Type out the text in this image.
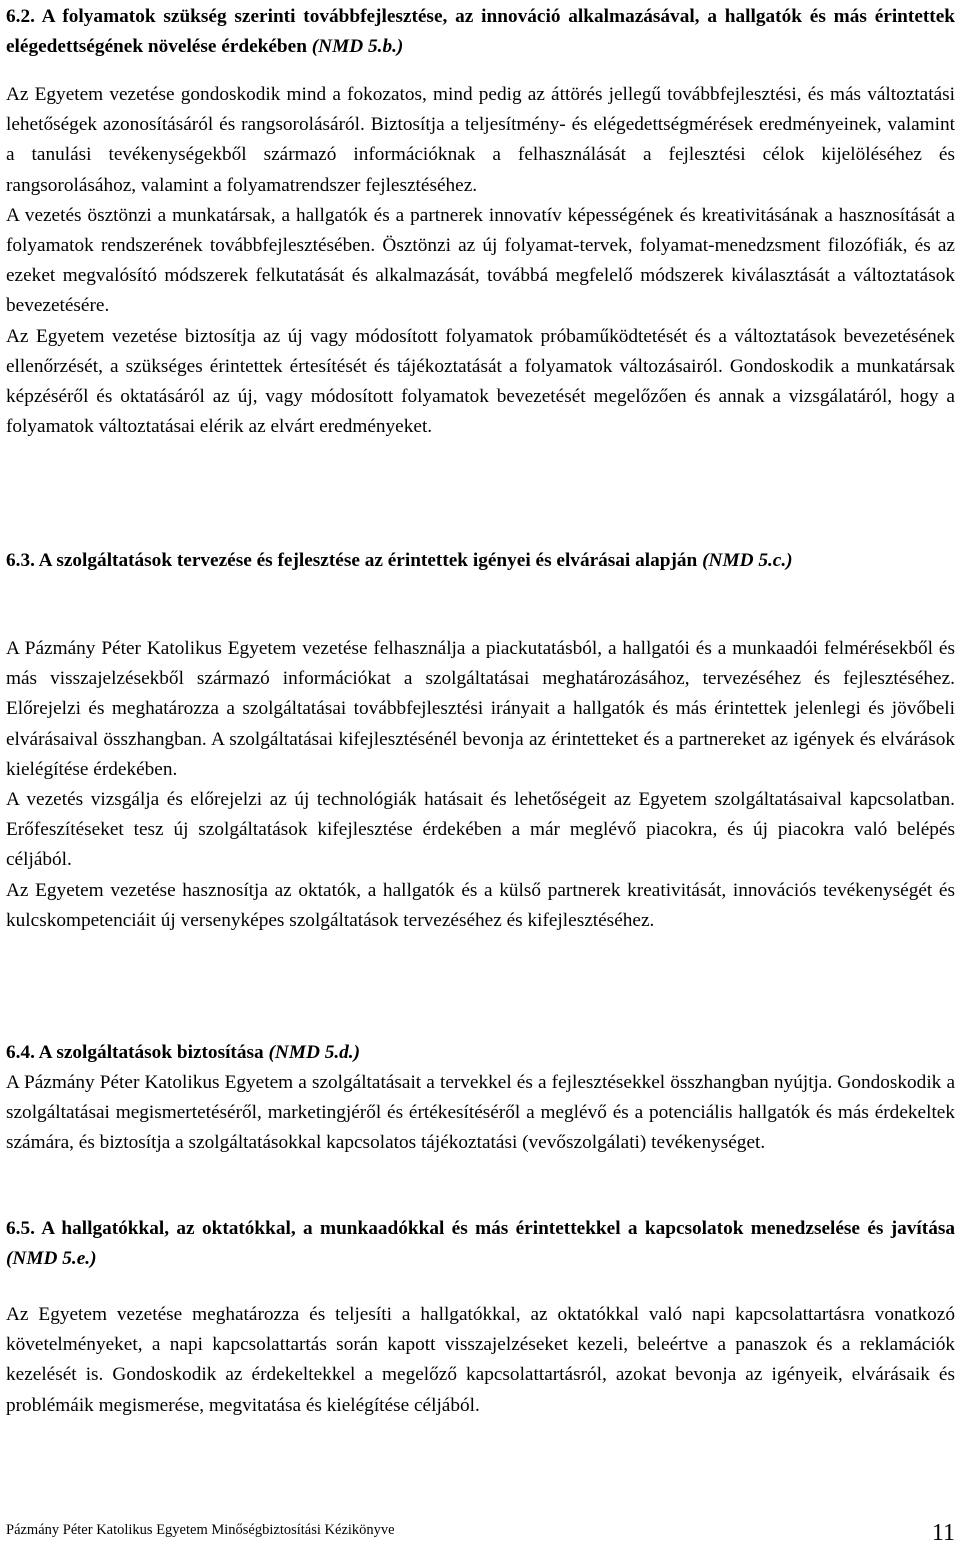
6.2. A folyamatok szükség szerinti továbbfejlesztése, az innováció alkalmazásával, a hallgatók és más érintettek elégedettségének növelése érdekében (NMD 5.b.)

Az Egyetem vezetése gondoskodik mind a fokozatos, mind pedig az áttörés jellegű továbbfejlesztési, és más változtatási lehetőségek azonosításáról és rangsorolásáról. Biztosítja a teljesítmény- és elégedettségmérések eredményeinek, valamint a tanulási tevékenységekből származó információknak a felhasználását a fejlesztési célok kijelöléséhez és rangsorolásához, valamint a folyamatrendszer fejlesztéséhez.

A vezetés ösztönzi a munkatársak, a hallgatók és a partnerek innovatív képességének és kreativitásának a hasznosítását a folyamatok rendszerének továbbfejlesztésében. Ösztönzi az új folyamat-tervek, folyamat-menedzsment filozófiák, és az ezeket megvalósító módszerek felkutatását és alkalmazását, továbbá megfelelő módszerek kiválasztását a változtatások bevezetésére.

Az Egyetem vezetése biztosítja az új vagy módosított folyamatok próbaműködtetését és a változtatások bevezetésének ellenőrzését, a szükséges érintettek értesítését és tájékoztatását a folyamatok változásairól. Gondoskodik a munkatársak képzéséről és oktatásáról az új, vagy módosított folyamatok bevezetését megelőzően és annak a vizsgálatáról, hogy a folyamatok változtatásai elérik az elvárt eredményeket.

6.3. A szolgáltatások tervezése és fejlesztése az érintettek igényei és elvárásai alapján (NMD 5.c.)

A Pázmány Péter Katolikus Egyetem vezetése felhasználja a piackutatásból, a hallgatói és a munkaadói felmérésekből és más visszajelzésekből származó információkat a szolgáltatásai meghatározásához, tervezéséhez és fejlesztéséhez. Előrejelzi és meghatározza a szolgáltatásai továbbfejlesztési irányait a hallgatók és más érintettek jelenlegi és jövőbeli elvárásaival összhangban. A szolgáltatásai kifejlesztésénél bevonja az érintetteket és a partnereket az igények és elvárások kielégítése érdekében.

A vezetés vizsgálja és előrejelzi az új technológiák hatásait és lehetőségeit az Egyetem szolgáltatásaival kapcsolatban. Erőfeszítéseket tesz új szolgáltatások kifejlesztése érdekében a már meglévő piacokra, és új piacokra való belépés céljából.

Az Egyetem vezetése hasznosítja az oktatók, a hallgatók és a külső partnerek kreativitását, innovációs tevékenységét és kulcskompetenciáit új versenyképes szolgáltatások tervezéséhez és kifejlesztéséhez.

6.4. A szolgáltatások biztosítása (NMD 5.d.)

A Pázmány Péter Katolikus Egyetem a szolgáltatásait a tervekkel és a fejlesztésekkel összhangban nyújtja. Gondoskodik a szolgáltatásai megismertetéséről, marketingjéről és értékesítéséről a meglévő és a potenciális hallgatók és más érdekeltek számára, és biztosítja a szolgáltatásokkal kapcsolatos tájékoztatási (vevőszolgálati) tevékenységet.

6.5. A hallgatókkal, az oktatókkal, a munkaadókkal és más érintettekkel a kapcsolatok menedzselése és javítása (NMD 5.e.)

Az Egyetem vezetése meghatározza és teljesíti a hallgatókkal, az oktatókkal való napi kapcsolattartásra vonatkozó követelményeket, a napi kapcsolattartás során kapott visszajelzéseket kezeli, beleértve a panaszok és a reklamációk kezelését is. Gondoskodik az érdekeltekkel a megelőző kapcsolattartásról, azokat bevonja az igényeik, elvárásaik és problémáik megismerése, megvitatása és kielégítése céljából.

Pázmány Péter Katolikus Egyetem Minőségbiztosítási Kézikönyve	11
